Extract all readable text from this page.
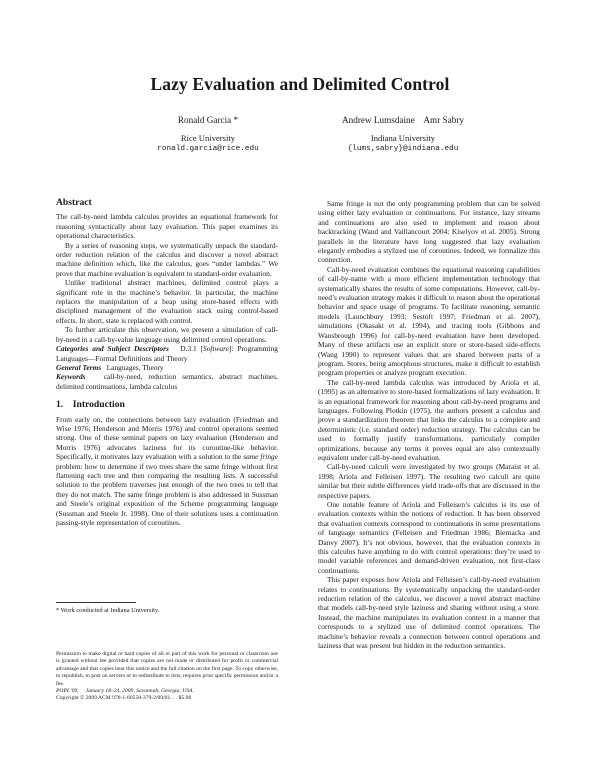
Lazy Evaluation and Delimited Control
Ronald Garcia *
Rice University
ronald.garcia@rice.edu
Andrew Lumsdaine    Amr Sabry
Indiana University
{lums,sabry}@indiana.edu
Abstract

The call-by-need lambda calculus provides an equational framework for reasoning syntactically about lazy evaluation. This paper examines its operational characteristics.

By a series of reasoning steps, we systematically unpack the standard-order reduction relation of the calculus and discover a novel abstract machine definition which, like the calculus, goes “under lambdas.” We prove that machine evaluation is equivalent to standard-order evaluation.

Unlike traditional abstract machines, delimited control plays a significant role in the machine’s behavior. In particular, the machine replaces the manipulation of a heap using store-based effects with disciplined management of the evaluation stack using control-based effects. In short, state is replaced with control.

To further articulate this observation, we present a simulation of call-by-need in a call-by-value language using delimited control operations.

Categories and Subject Descriptors D.3.1 [Software]: Programming Languages—Formal Definitions and Theory

General Terms Languages, Theory

Keywords call-by-need, reduction semantics, abstract machines, delimited continuations, lambda calculus

1.    Introduction

From early on, the connections between lazy evaluation (Friedman and Wise 1976; Henderson and Morris 1976) and control operations seemed strong. One of these seminal papers on lazy evaluation (Henderson and Morris 1976) advocates laziness for its coroutine-like behavior. Specifically, it motivates lazy evaluation with a solution to the same fringe problem: how to determine if two trees share the same fringe without first flattening each tree and then comparing the resulting lists. A successful solution to the problem traverses just enough of the two trees to tell that they do not match. The same fringe problem is also addressed in Sussman and Steele’s original exposition of the Scheme programming language (Sussman and Steele Jr. 1998). One of their solutions uses a continuation passing-style representation of coroutines.

* Work conducted at Indiana University.

Permission to make digital or hard copies of all or part of this work for personal or classroom use is granted without fee provided that copies are not made or distributed for profit or commercial advantage and that copies bear this notice and the full citation on the first page. To copy otherwise, to republish, to post on servers or to redistribute to lists, requires prior specific permission and/or a fee.

POPL’09,     January 18–24, 2009, Savannah, Georgia, USA.

Copyright © 2009 ACM 978-1-60558-379-2/09/01. . . $5.00

Same fringe is not the only programming problem that can be solved using either lazy evaluation or continuations. For instance, lazy streams and continuations are also used to implement and reason about backtracking (Wand and Vaillancourt 2004; Kiselyov et al. 2005). Strong parallels in the literature have long suggested that lazy evaluation elegantly embodies a stylized use of coroutines. Indeed, we formalize this connection.

Call-by-need evaluation combines the equational reasoning capabilities of call-by-name with a more efficient implementation technology that systematically shares the results of some computations. However, call-by-need’s evaluation strategy makes it difficult to reason about the operational behavior and space usage of programs. To facilitate reasoning, semantic models (Launchbury 1993; Sestoft 1997; Friedman et al. 2007), simulations (Okasaki et al. 1994), and tracing tools (Gibbons and Wansbrough 1996) for call-by-need evaluation have been developed. Many of these artifacts use an explicit store or store-based side-effects (Wang 1990) to represent values that are shared between parts of a program. Stores, being amorphous structures, make it difficult to establish program properties or analyze program execution.

The call-by-need lambda calculus was introduced by Ariola et al. (1995) as an alternative to store-based formalizations of lazy evaluation. It is an equational framework for reasoning about call-by-need programs and languages. Following Plotkin (1975), the authors present a calculus and prove a standardization theorem that links the calculus to a complete and deterministic (i.e. standard order) reduction strategy. The calculus can be used to formally justify transformations, particularly compiler optimizations, because any terms it proves equal are also contextually equivalent under call-by-need evaluation.

Call-by-need calculi were investigated by two groups (Maraist et al. 1998; Ariola and Felleisen 1997). The resulting two calculi are quite similar but their subtle differences yield trade-offs that are discussed in the respective papers.

One notable feature of Ariola and Felleisen’s calculus is its use of evaluation contexts within the notions of reduction. It has been observed that evaluation contexts correspond to continuations in some presentations of language semantics (Felleisen and Friedman 1986; Biernacka and Danvy 2007). It’s not obvious, however, that the evaluation contexts in this calculus have anything to do with control operations: they’re used to model variable references and demand-driven evaluation, not first-class continuations.

This paper exposes how Ariola and Felleisen’s call-by-need evaluation relates to continuations. By systematically unpacking the standard-order reduction relation of the calculus, we discover a novel abstract machine that models call-by-need style laziness and sharing without using a store. Instead, the machine manipulates its evaluation context in a manner that corresponds to a stylized use of delimited control operations. The machine’s behavior reveals a connection between control operations and laziness that was present but hidden in the reduction semantics.
